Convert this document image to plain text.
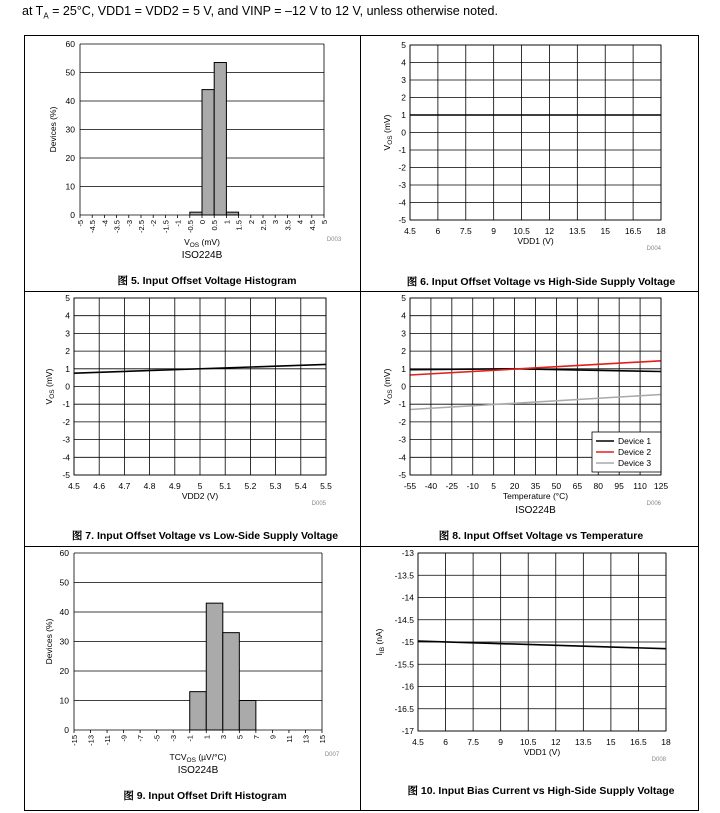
at $T_A = 25^\circ C$, VDD1 = VDD2 = 5 V, and VINP = –12 V to 12 V, unless otherwise noted.
0
10
20
30
40
50
60
-5 -4.5 -4 -3.5 -3 -2.5 -2 -1.5 -1 -0.5 0 0.5 1 1.5 2 2.5 3 3.5 4 4.5 5
$V_{OS}$ (mV)
ISO224B
D003
Devices (%)
图 5. Input Offset Voltage Histogram
-5
-4
-3
-2
-1
0
1
2
3
4
5
4.5 6 7.5 9 10.5 12 13.5 15 16.5 18
VDD1 (V)
D004
$V_{OS}$ (mV)
图 6. Input Offset Voltage vs High-Side Supply Voltage
-5
-4
-3
-2
-1
0
1
2
3
4
5
4.5 4.6 4.7 4.8 4.9 5 5.1 5.2 5.3 5.4 5.5
VDD2 (V)
D005
$V_{OS}$ (mV)
图 7. Input Offset Voltage vs Low-Side Supply Voltage
-5
-4
-3
-2
-1
0
1
2
3
4
5
-55 -40 -25 -10 5 20 35 50 65 80 95 110 125
Temperature (°C)
ISO224B
D006
Device 1
Device 2
Device 3
$V_{OS}$ (mV)
图 8. Input Offset Voltage vs Temperature
0
10
20
30
40
50
60
-15 -13 -11 -9 -7 -5 -3 -1 1 3 5 7 9 11 13 15
$TCV_{OS}$ (µV/°C)
ISO224B
D007
Devices (%)
图 9. Input Offset Drift Histogram
-17
-16.5
-16
-15.5
-15
-14.5
-14
-13.5
-13
4.5 6 7.5 9 10.5 12 13.5 15 16.5 18
VDD1 (V)
D008
$I_{IB}$ (nA)
图 10. Input Bias Current vs High-Side Supply Voltage
